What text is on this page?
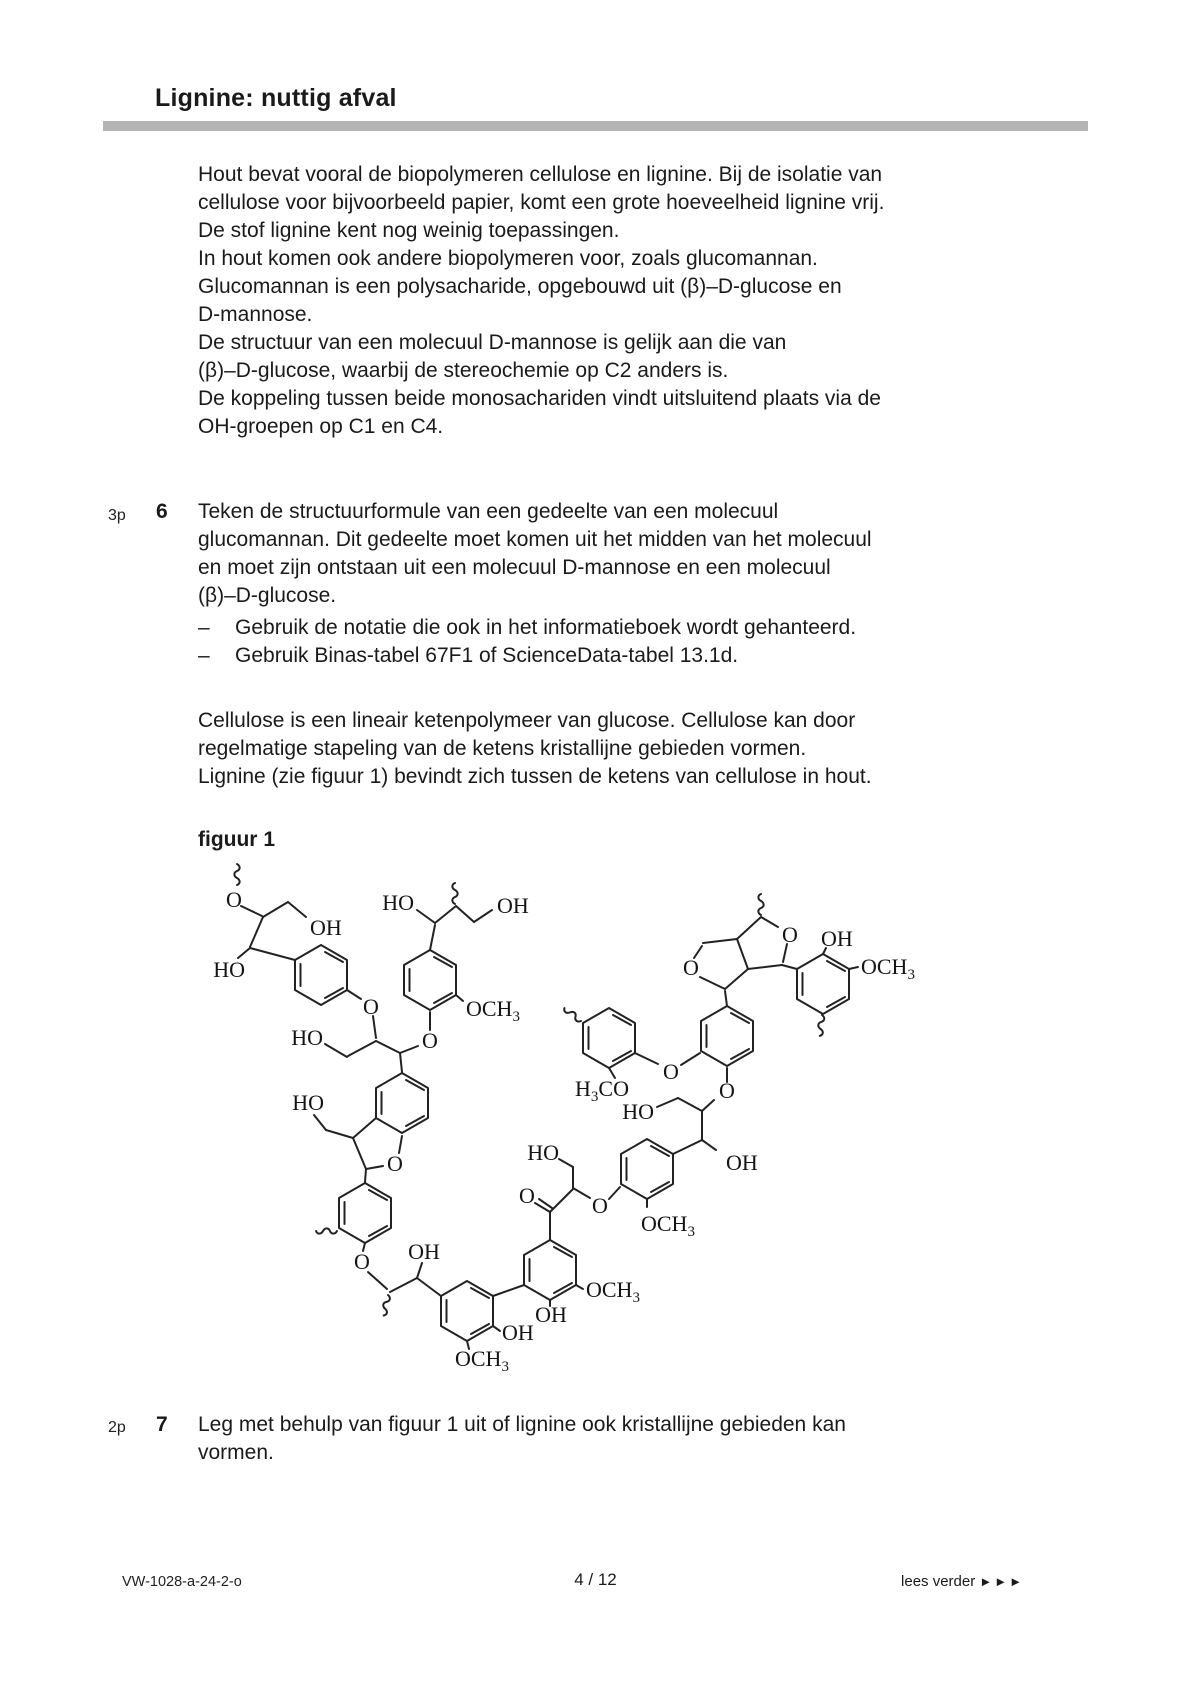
Lignine: nuttig afval
Hout bevat vooral de biopolymeren cellulose en lignine. Bij de isolatie van
cellulose voor bijvoorbeeld papier, komt een grote hoeveelheid lignine vrij.
De stof lignine kent nog weinig toepassingen.
In hout komen ook andere biopolymeren voor, zoals glucomannan.
Glucomannan is een polysacharide, opgebouwd uit (β)–D-glucose en
D-mannose.
De structuur van een molecuul D-mannose is gelijk aan die van
(β)–D-glucose, waarbij de stereochemie op C2 anders is.
De koppeling tussen beide monosachariden vindt uitsluitend plaats via de
OH-groepen op C1 en C4.
3p 6 Teken de structuurformule van een gedeelte van een molecuul
glucomannan. Dit gedeelte moet komen uit het midden van het molecuul
en moet zijn ontstaan uit een molecuul D-mannose en een molecuul
(β)–D-glucose.
– Gebruik de notatie die ook in het informatieboek wordt gehanteerd.
– Gebruik Binas-tabel 67F1 of ScienceData-tabel 13.1d.
Cellulose is een lineair ketenpolymeer van glucose. Cellulose kan door
regelmatige stapeling van de ketens kristallijne gebieden vormen.
Lignine (zie figuur 1) bevindt zich tussen de ketens van cellulose in hout.
figuur 1
O
OH
HO
HO
O
O
HO	OH
$OCH_3$
HO
O
O OH
OH
$OCH_3$
$OCH_3$
OH
O
HO
O
$OCH_3$
OH
HO
O
O
O OH
$OCH_3$
O
$H_3CO$
2p 7 Leg met behulp van figuur 1 uit of lignine ook kristallijne gebieden kan
vormen.
VW-1028-a-24-2-o	4 / 12	lees verder ►►►
